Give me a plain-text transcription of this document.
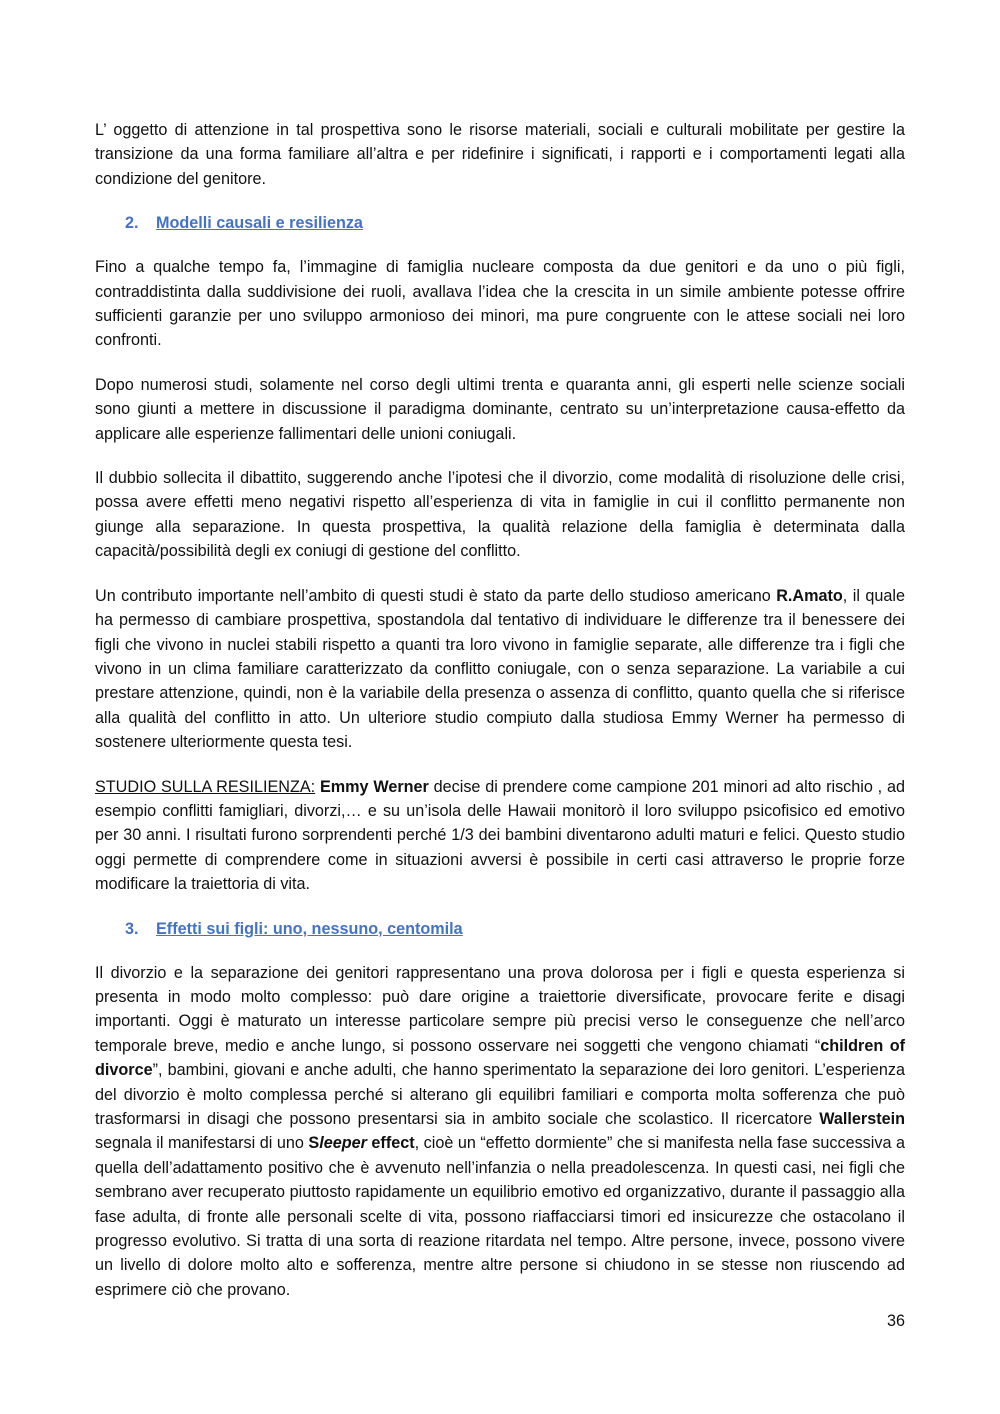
L’ oggetto di attenzione in tal prospettiva sono le risorse materiali, sociali e culturali mobilitate per gestire la transizione da una forma familiare all’altra e per ridefinire i significati, i rapporti e i comportamenti legati alla condizione del genitore.

2. Modelli causali e resilienza

Fino a qualche tempo fa, l’immagine di famiglia nucleare composta da due genitori e da uno o più figli, contraddistinta dalla suddivisione dei ruoli, avallava l’idea che la crescita in un simile ambiente potesse offrire sufficienti garanzie per uno sviluppo armonioso dei minori, ma pure congruente con le attese sociali nei loro confronti.

Dopo numerosi studi, solamente nel corso degli ultimi trenta e quaranta anni, gli esperti nelle scienze sociali sono giunti a mettere in discussione il paradigma dominante, centrato su un’interpretazione causa-effetto da applicare alle esperienze fallimentari delle unioni coniugali.

Il dubbio sollecita il dibattito, suggerendo anche l’ipotesi che il divorzio, come modalità di risoluzione delle crisi, possa avere effetti meno negativi rispetto all’esperienza di vita in famiglie in cui il conflitto permanente non giunge alla separazione. In questa prospettiva, la qualità relazione della famiglia è determinata dalla capacità/possibilità degli ex coniugi di gestione del conflitto.

Un contributo importante nell’ambito di questi studi è stato da parte dello studioso americano R.Amato, il quale ha permesso di cambiare prospettiva, spostandola dal tentativo di individuare le differenze tra il benessere dei figli che vivono in nuclei stabili rispetto a quanti tra loro vivono in famiglie separate, alle differenze tra i figli che vivono in un clima familiare caratterizzato da conflitto coniugale, con o senza separazione. La variabile a cui prestare attenzione, quindi, non è la variabile della presenza o assenza di conflitto, quanto quella che si riferisce alla qualità del conflitto in atto. Un ulteriore studio compiuto dalla studiosa Emmy Werner ha permesso di sostenere ulteriormente questa tesi.

STUDIO SULLA RESILIENZA: Emmy Werner decise di prendere come campione 201 minori ad alto rischio , ad esempio conflitti famigliari, divorzi,… e su un’isola delle Hawaii monitorò il loro sviluppo psicofisico ed emotivo per 30 anni. I risultati furono sorprendenti perché 1/3 dei bambini diventarono adulti maturi e felici. Questo studio oggi permette di comprendere come in situazioni avversi è possibile in certi casi attraverso le proprie forze modificare la traiettoria di vita.

3. Effetti sui figli: uno, nessuno, centomila

Il divorzio e la separazione dei genitori rappresentano una prova dolorosa per i figli e questa esperienza si presenta in modo molto complesso: può dare origine a traiettorie diversificate, provocare ferite e disagi importanti. Oggi è maturato un interesse particolare sempre più precisi verso le conseguenze che nell’arco temporale breve, medio e anche lungo, si possono osservare nei soggetti che vengono chiamati “children of divorce”, bambini, giovani e anche adulti, che hanno sperimentato la separazione dei loro genitori. L’esperienza del divorzio è molto complessa perché si alterano gli equilibri familiari e comporta molta sofferenza che può trasformarsi in disagi che possono presentarsi sia in ambito sociale che scolastico. Il ricercatore Wallerstein segnala il manifestarsi di uno Sleeper effect, cioè un “effetto dormiente” che si manifesta nella fase successiva a quella dell’adattamento positivo che è avvenuto nell’infanzia o nella preadolescenza. In questi casi, nei figli che sembrano aver recuperato piuttosto rapidamente un equilibrio emotivo ed organizzativo, durante il passaggio alla fase adulta, di fronte alle personali scelte di vita, possono riaffacciarsi timori ed insicurezze che ostacolano il progresso evolutivo. Si tratta di una sorta di reazione ritardata nel tempo. Altre persone, invece, possono vivere un livello di dolore molto alto e sofferenza, mentre altre persone si chiudono in se stesse non riuscendo ad esprimere ciò che provano.

36
